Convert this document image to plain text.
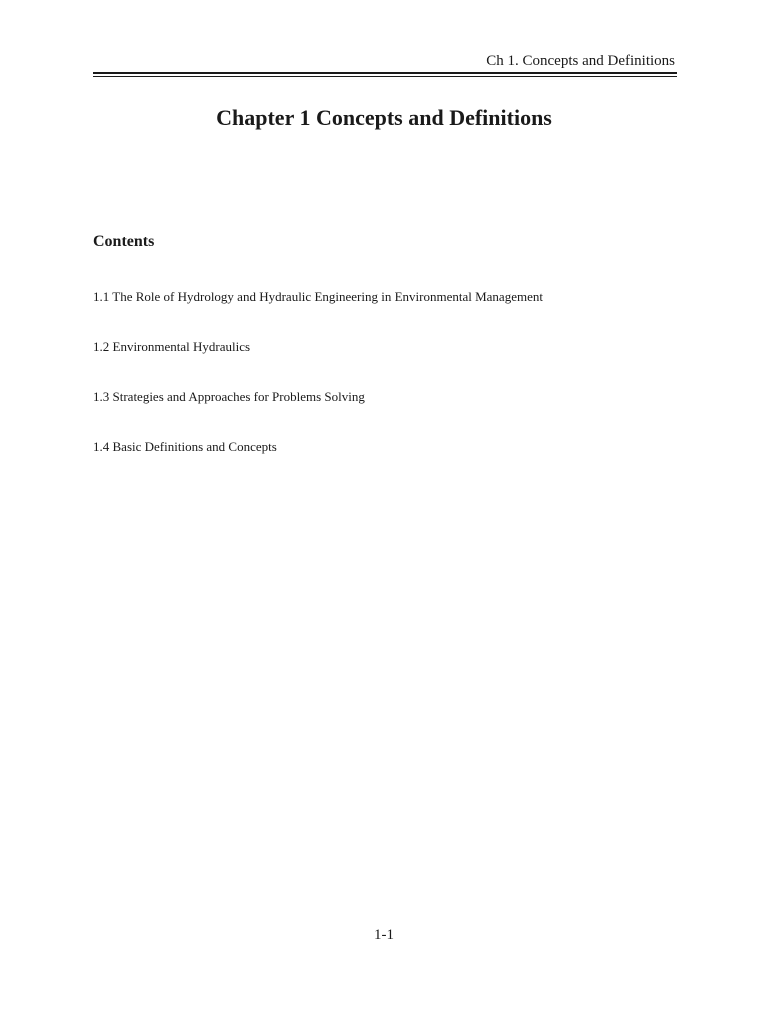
Ch 1. Concepts and Definitions
Chapter 1 Concepts and Definitions
Contents
1.1 The Role of Hydrology and Hydraulic Engineering in Environmental Management
1.2 Environmental Hydraulics
1.3 Strategies and Approaches for Problems Solving
1.4 Basic Definitions and Concepts
1-1
